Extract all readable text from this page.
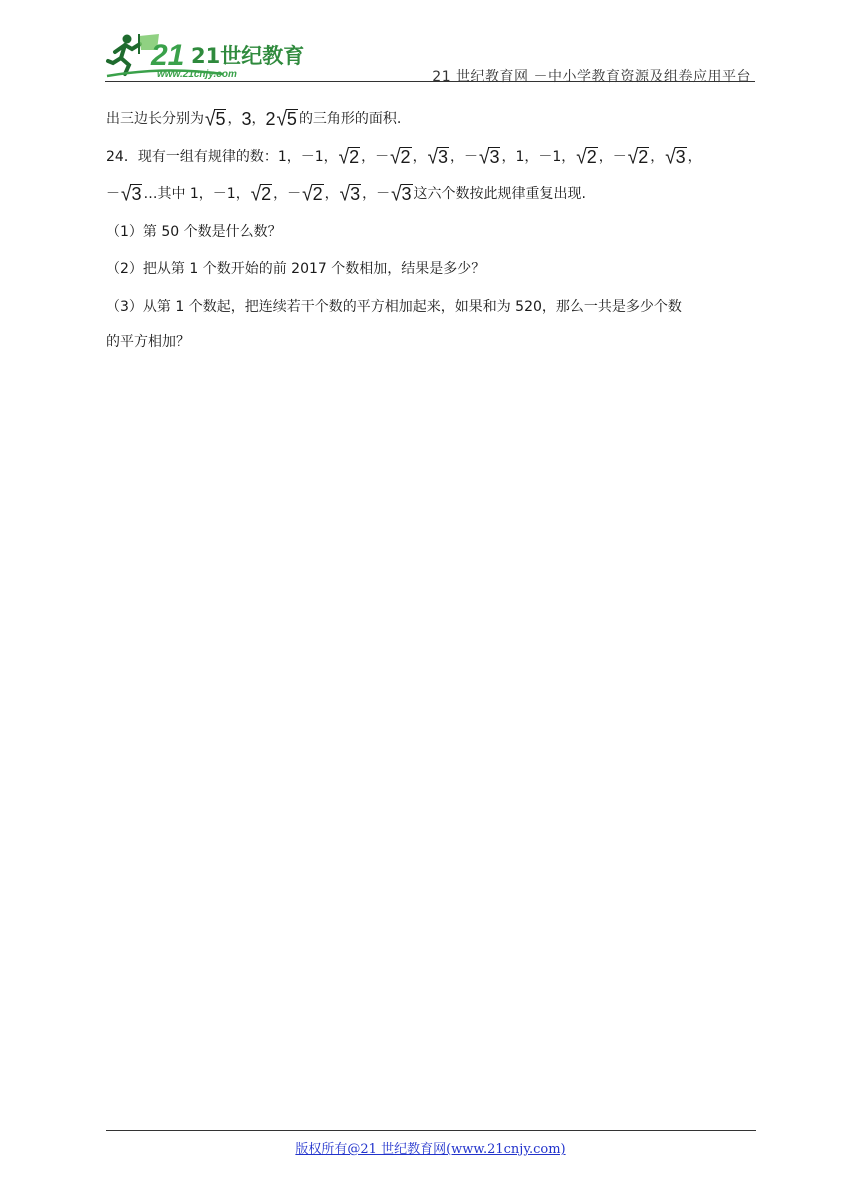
21 21世纪教育
www.21cnjy.com	21 世纪教育网 －中小学教育资源及组卷应用平台
出三边长分别为√5 ，3，2√5 的三角形的面积.
24．现有一组有规律的数：1，－1，√2 ，－√2 ，√3 ，－√3 ，1，－1，√2 ，－√2 ，√3 ，
－√3 …其中 1，－1，√2 ，－√2 ，√3 ，－√3 这六个数按此规律重复出现.
（1）第 50 个数是什么数？
（2）把从第 1 个数开始的前 2017 个数相加，结果是多少？
（3）从第 1 个数起，把连续若干个数的平方相加起来，如果和为 520，那么一共是多少个数
的平方相加？
版权所有@21 世纪教育网(www.21cnjy.com)
